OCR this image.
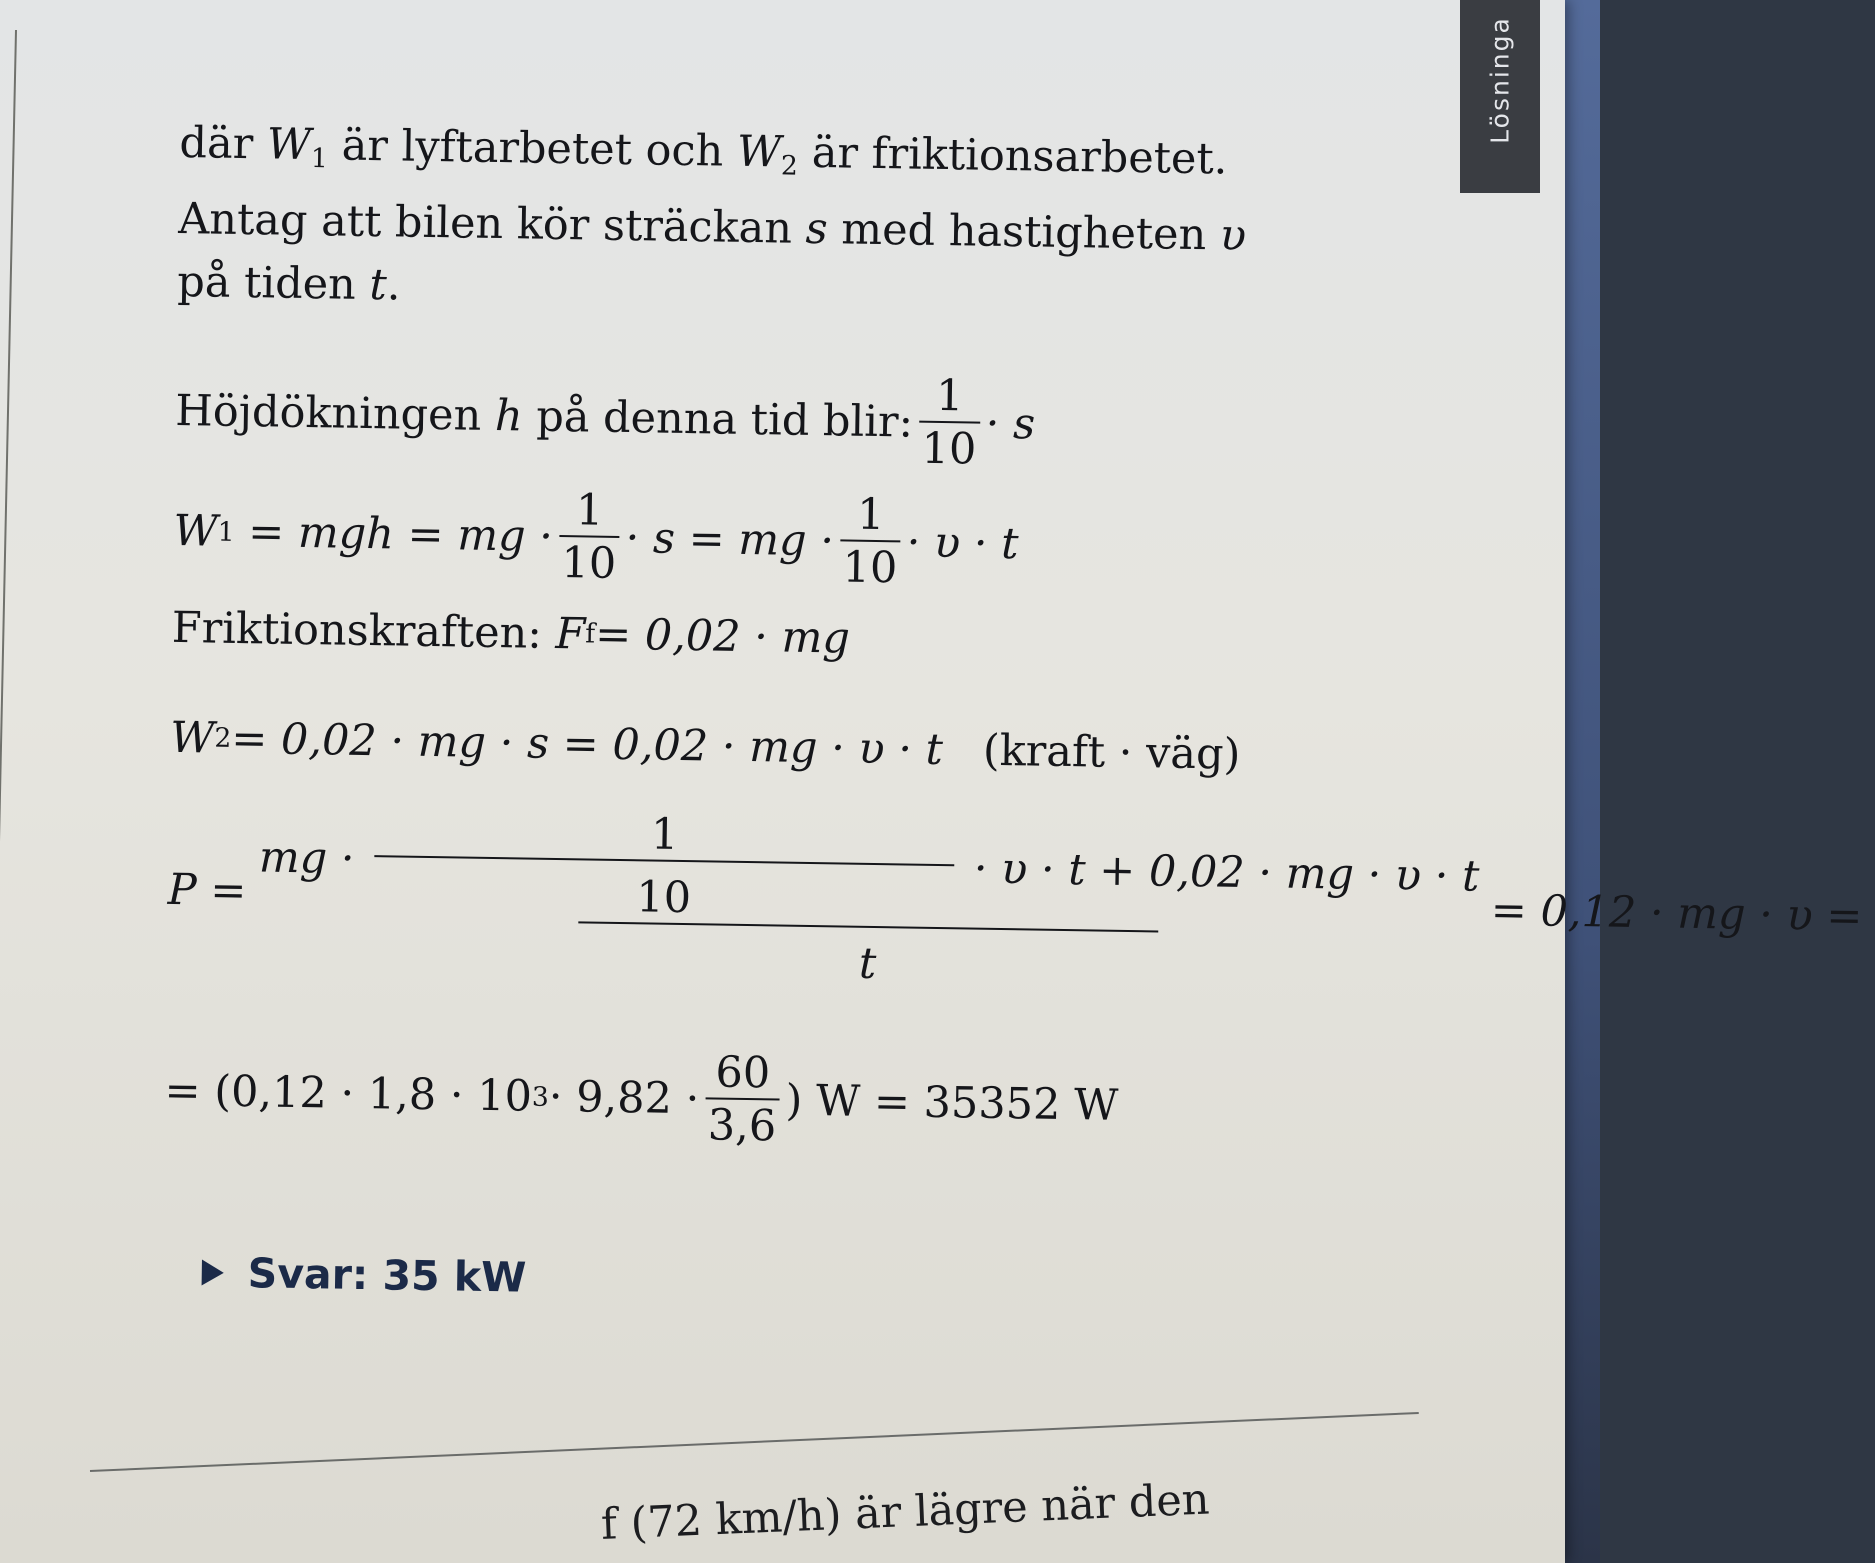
där $W_1$ är lyftarbetet och $W_2$ är friktionsarbetet.
Antag att bilen kör sträckan s med hastigheten υ
på tiden t.

Höjdökningen
h
på denna tid blir: $\frac{1}{10} \cdot s$
W 1
= mgh = mg · $\frac{1}{10} \cdot s$ = mg · $\frac{1}{10} \cdot \upsilon \cdot t$
Friktionskraften:
F f = 0,02 · mg
W 2 = 0,02 · mg · s = 0,02 · mg · υ · t (kraft · väg)
P =
mg · $\frac{1}{10} \cdot \upsilon \cdot t + 0,02$ · mg · υ · t
t
= 0,12 · mg · υ =
= (0,12 · 1,8 · 10 $3 \cdot 9,82 \cdot \frac{60}{3,6}$ ) W = 35352 W
Svar: 35 kW
f (72 km/h) är lägre när den
Lösninga
